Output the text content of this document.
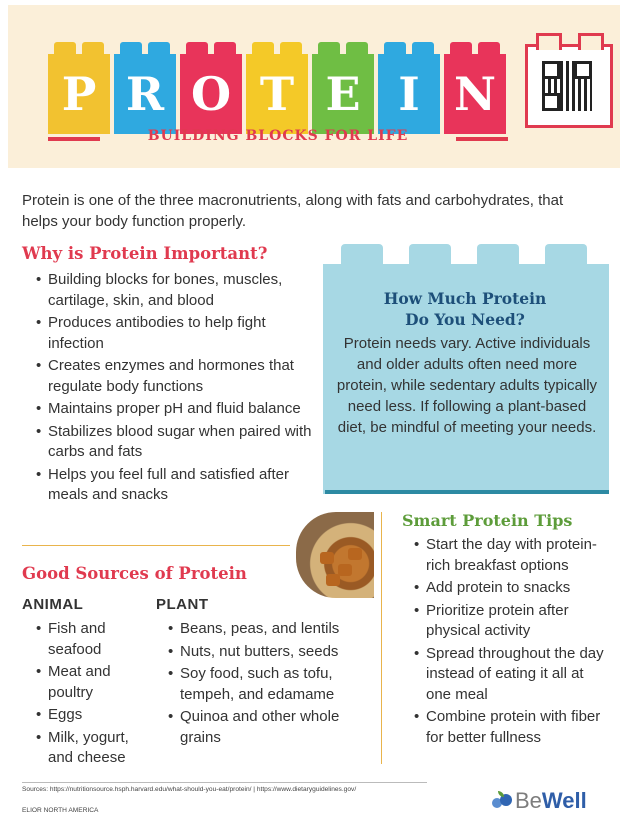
P R O T E I N
BUILDING BLOCKS FOR LIFE
Protein is one of the three macronutrients, along with fats and carbohydrates, that helps your body function properly.
Why is Protein Important?
• Building blocks for bones, muscles, cartilage, skin, and blood
• Produces antibodies to help fight infection
• Creates enzymes and hormones that regulate body functions
• Maintains proper pH and fluid balance
• Stabilizes blood sugar when paired with carbs and fats
• Helps you feel full and satisfied after meals and snacks
How Much Protein
Do You Need?
Protein needs vary. Active individuals and older adults often need more protein, while sedentary adults typically need less. If following a plant-based diet, be mindful of meeting your needs.
Good Sources of Protein
ANIMAL	PLANT
• Fish and seafood
• Meat and poultry
• Eggs
• Milk, yogurt, and cheese
• Beans, peas, and lentils
• Nuts, nut butters, seeds
• Soy food, such as tofu, tempeh, and edamame
• Quinoa and other whole grains
Smart Protein Tips
• Start the day with protein-rich breakfast options
• Add protein to snacks
• Prioritize protein after physical activity
• Spread throughout the day instead of eating it all at one meal
• Combine protein with fiber for better fullness
Sources: https://nutritionsource.hsph.harvard.edu/what-should-you-eat/protein/ | https://www.dietaryguidelines.gov/
ELIOR NORTH AMERICA	Be Well
